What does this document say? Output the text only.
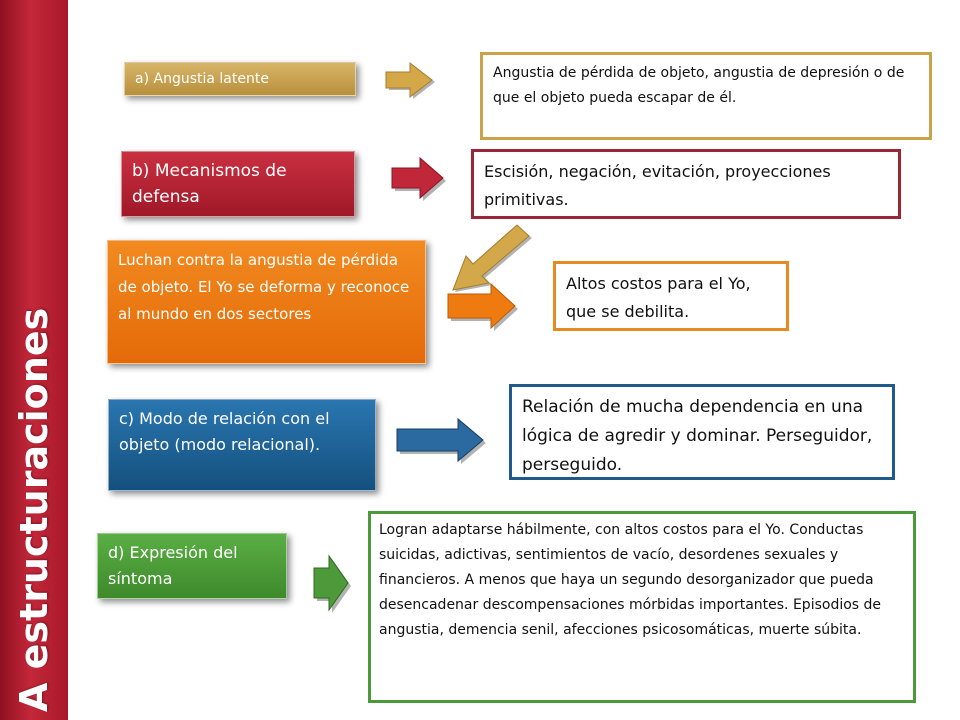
A estructuraciones
a) Angustia latente	Angustia de pérdida de objeto, angustia de depresión o de que el objeto pueda escapar de él.
b) Mecanismos de defensa
Escisión, negación, evitación, proyecciones primitivas.
Luchan contra la angustia de pérdida de objeto. El Yo se deforma y reconoce al mundo en dos sectores
Altos costos para el Yo, que se debilita.
c) Modo de relación con el objeto (modo relacional).
Relación de mucha dependencia en una lógica de agredir y dominar. Perseguidor, perseguido.
d) Expresión del síntoma
Logran adaptarse hábilmente, con altos costos para el Yo. Conductas suicidas, adictivas, sentimientos de vacío, desordenes sexuales y financieros. A menos que haya un segundo desorganizador que pueda desencadenar descompensaciones mórbidas importantes. Episodios de angustia, demencia senil, afecciones psicosomáticas, muerte súbita.
